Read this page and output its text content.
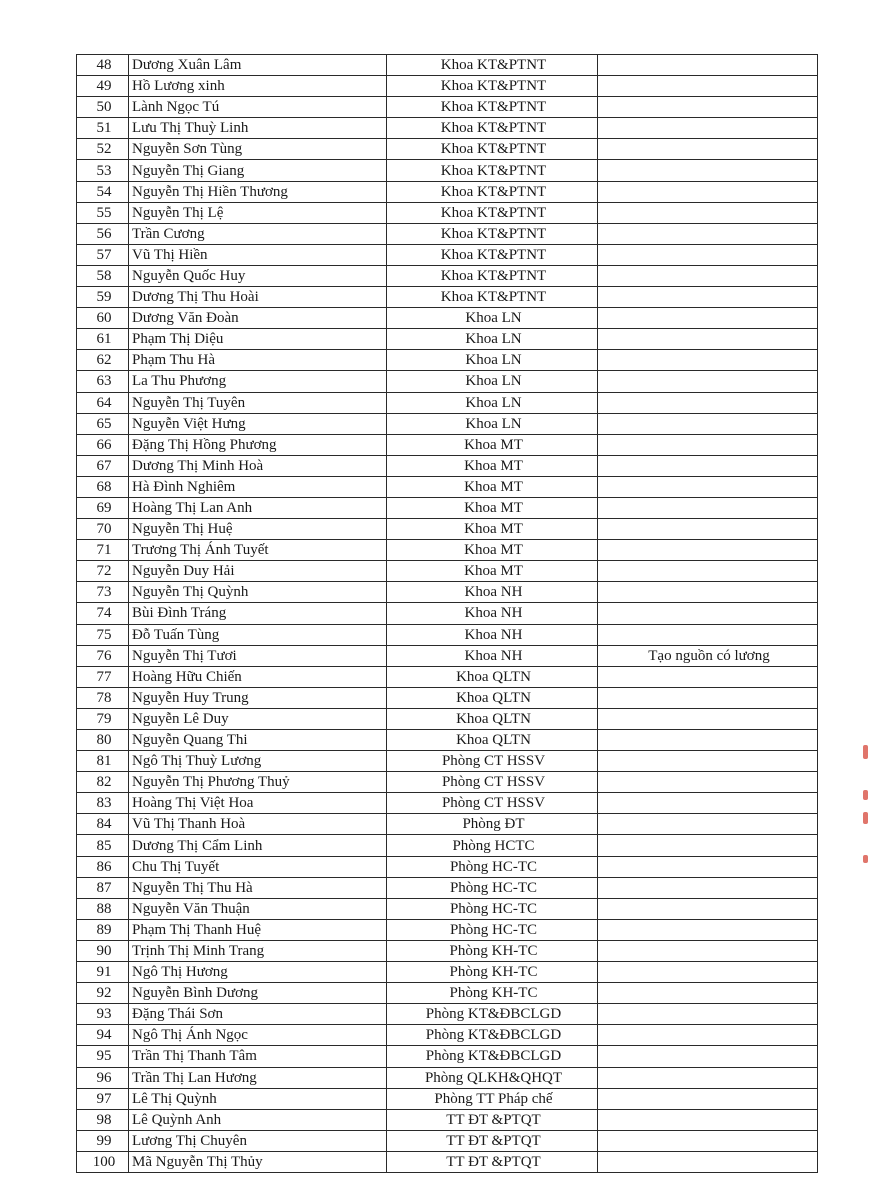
48	Dương Xuân Lâm	Khoa KT&PTNT	
49	Hồ Lương xinh	Khoa KT&PTNT	
50	Lành Ngọc Tú	Khoa KT&PTNT	
51	Lưu Thị Thuỳ Linh	Khoa KT&PTNT	
52	Nguyễn Sơn Tùng	Khoa KT&PTNT	
53	Nguyễn Thị Giang	Khoa KT&PTNT	
54	Nguyễn Thị Hiền Thương	Khoa KT&PTNT	
55	Nguyễn Thị Lệ	Khoa KT&PTNT	
56	Trần Cương	Khoa KT&PTNT	
57	Vũ Thị Hiền	Khoa KT&PTNT	
58	Nguyễn Quốc Huy	Khoa KT&PTNT	
59	Dương Thị Thu Hoài	Khoa KT&PTNT	
60	Dương Văn Đoàn	Khoa LN	
61	Phạm Thị Diệu	Khoa LN	
62	Phạm Thu Hà	Khoa LN	
63	La Thu Phương	Khoa LN	
64	Nguyễn Thị Tuyên	Khoa LN	
65	Nguyễn Việt Hưng	Khoa LN	
66	Đặng Thị Hồng Phương	Khoa MT	
67	Dương Thị Minh Hoà	Khoa MT	
68	Hà Đình Nghiêm	Khoa MT	
69	Hoàng Thị Lan Anh	Khoa MT	
70	Nguyễn Thị Huệ	Khoa MT	
71	Trương Thị Ánh Tuyết	Khoa MT	
72	Nguyễn Duy Hải	Khoa MT	
73	Nguyễn Thị Quỳnh	Khoa NH	
74	Bùi Đình Tráng	Khoa NH	
75	Đỗ Tuấn Tùng	Khoa NH	
76	Nguyễn Thị Tươi	Khoa NH	Tạo nguồn có lương
77	Hoàng Hữu Chiến	Khoa QLTN	
78	Nguyễn Huy Trung	Khoa QLTN	
79	Nguyễn Lê Duy	Khoa QLTN	
80	Nguyễn Quang Thi	Khoa QLTN	
81	Ngô Thị Thuỳ Lương	Phòng CT HSSV	
82	Nguyễn Thị Phương Thuỷ	Phòng CT HSSV	
83	Hoàng Thị Việt Hoa	Phòng CT HSSV	
84	Vũ Thị Thanh Hoà	Phòng ĐT	
85	Dương Thị Cẩm Linh	Phòng HCTC	
86	Chu Thị Tuyết	Phòng HC-TC	
87	Nguyễn Thị Thu Hà	Phòng HC-TC	
88	Nguyễn Văn Thuận	Phòng HC-TC	
89	Phạm Thị Thanh Huệ	Phòng HC-TC	
90	Trịnh Thị Minh Trang	Phòng KH-TC	
91	Ngô Thị Hương	Phòng KH-TC	
92	Nguyễn Bình Dương	Phòng KH-TC	
93	Đặng Thái Sơn	Phòng KT&ĐBCLGD	
94	Ngô Thị Ánh Ngọc	Phòng KT&ĐBCLGD	
95	Trần Thị Thanh Tâm	Phòng KT&ĐBCLGD	
96	Trần Thị Lan Hương	Phòng QLKH&QHQT	
97	Lê Thị Quỳnh	Phòng TT Pháp chế	
98	Lê Quỳnh Anh	TT ĐT &PTQT	
99	Lương Thị Chuyên	TT ĐT &PTQT	
100	Mã Nguyễn Thị Thủy	TT ĐT &PTQT	
